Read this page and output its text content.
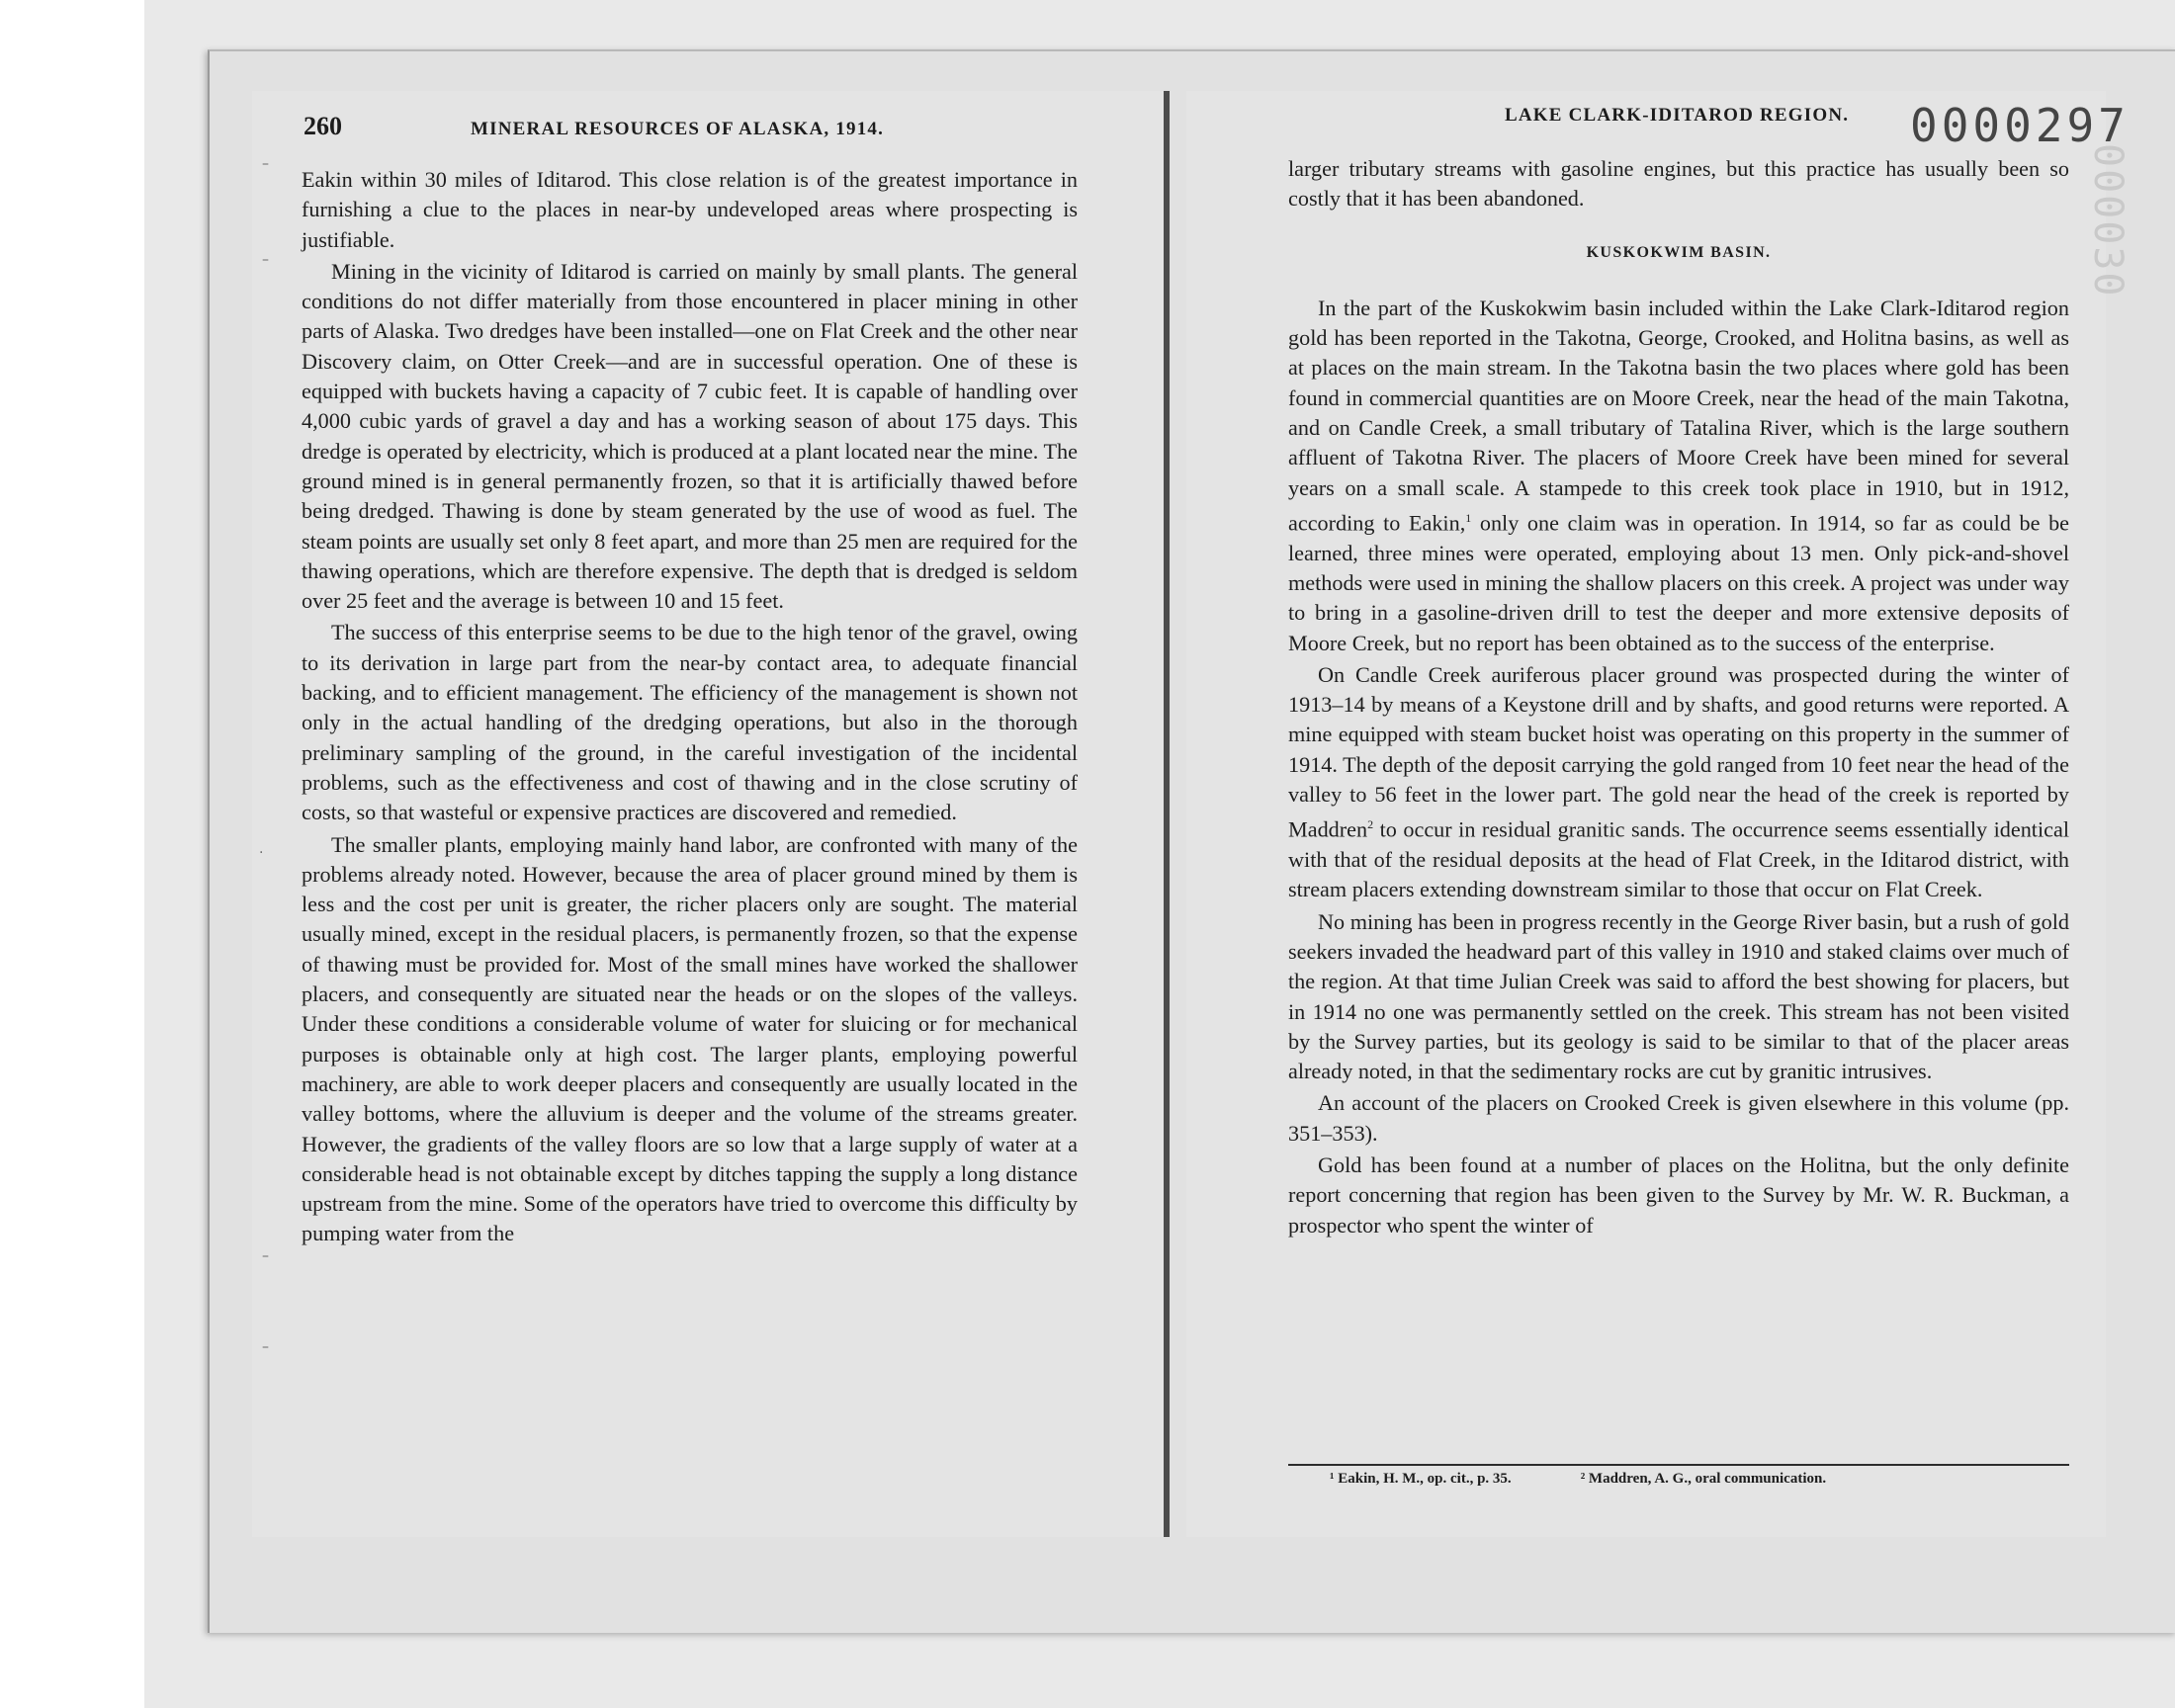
260	MINERAL RESOURCES OF ALASKA, 1914.
LAKE CLARK-IDITAROD REGION. 0000297
000030

Eakin within 30 miles of Iditarod. This close relation is of the greatest importance in furnishing a clue to the places in near-by undeveloped areas where prospecting is justifiable.

Mining in the vicinity of Iditarod is carried on mainly by small plants. The general conditions do not differ materially from those encountered in placer mining in other parts of Alaska. Two dredges have been installed—one on Flat Creek and the other near Discovery claim, on Otter Creek—and are in successful operation. One of these is equipped with buckets having a capacity of 7 cubic feet. It is capable of handling over 4,000 cubic yards of gravel a day and has a working season of about 175 days. This dredge is operated by electricity, which is produced at a plant located near the mine. The ground mined is in general permanently frozen, so that it is artificially thawed before being dredged. Thawing is done by steam generated by the use of wood as fuel. The steam points are usually set only 8 feet apart, and more than 25 men are required for the thawing operations, which are therefore expensive. The depth that is dredged is seldom over 25 feet and the average is between 10 and 15 feet.

The success of this enterprise seems to be due to the high tenor of the gravel, owing to its derivation in large part from the near-by contact area, to adequate financial backing, and to efficient management. The efficiency of the management is shown not only in the actual handling of the dredging operations, but also in the thorough preliminary sampling of the ground, in the careful investigation of the incidental problems, such as the effectiveness and cost of thawing and in the close scrutiny of costs, so that wasteful or expensive practices are discovered and remedied.

The smaller plants, employing mainly hand labor, are confronted with many of the problems already noted. However, because the area of placer ground mined by them is less and the cost per unit is greater, the richer placers only are sought. The material usually mined, except in the residual placers, is permanently frozen, so that the expense of thawing must be provided for. Most of the small mines have worked the shallower placers, and consequently are situated near the heads or on the slopes of the valleys. Under these conditions a considerable volume of water for sluicing or for mechanical purposes is obtainable only at high cost. The larger plants, employing powerful machinery, are able to work deeper placers and consequently are usually located in the valley bottoms, where the alluvium is deeper and the volume of the streams greater. However, the gradients of the valley floors are so low that a large supply of water at a considerable head is not obtainable except by ditches tapping the supply a long distance upstream from the mine. Some of the operators have tried to overcome this difficulty by pumping water from the

larger tributary streams with gasoline engines, but this practice has usually been so costly that it has been abandoned.

KUSKOKWIM BASIN.

In the part of the Kuskokwim basin included within the Lake Clark-Iditarod region gold has been reported in the Takotna, George, Crooked, and Holitna basins, as well as at places on the main stream. In the Takotna basin the two places where gold has been found in commercial quantities are on Moore Creek, near the head of the main Takotna, and on Candle Creek, a small tributary of Tatalina River, which is the large southern affluent of Takotna River. The placers of Moore Creek have been mined for several years on a small scale. A stampede to this creek took place in 1910, but in 1912, according to Eakin,$^1$ only one claim was in operation. In 1914, so far as could be be learned, three mines were operated, employing about 13 men. Only pick-and-shovel methods were used in mining the shallow placers on this creek. A project was under way to bring in a gasoline-driven drill to test the deeper and more extensive deposits of Moore Creek, but no report has been obtained as to the success of the enterprise.

On Candle Creek auriferous placer ground was prospected during the winter of 1913–14 by means of a Keystone drill and by shafts, and good returns were reported. A mine equipped with steam bucket hoist was operating on this property in the summer of 1914. The depth of the deposit carrying the gold ranged from 10 feet near the head of the valley to 56 feet in the lower part. The gold near the head of the creek is reported by Maddren$^2$ to occur in residual granitic sands. The occurrence seems essentially identical with that of the residual deposits at the head of Flat Creek, in the Iditarod district, with stream placers extending downstream similar to those that occur on Flat Creek.

No mining has been in progress recently in the George River basin, but a rush of gold seekers invaded the headward part of this valley in 1910 and staked claims over much of the region. At that time Julian Creek was said to afford the best showing for placers, but in 1914 no one was permanently settled on the creek. This stream has not been visited by the Survey parties, but its geology is said to be similar to that of the placer areas already noted, in that the sedimentary rocks are cut by granitic intrusives.

An account of the placers on Crooked Creek is given elsewhere in this volume (pp. 351–353).

Gold has been found at a number of places on the Holitna, but the only definite report concerning that region has been given to the Survey by Mr. W. R. Buckman, a prospector who spent the winter of

¹ Eakin, H. M., op. cit., p. 35.	² Maddren, A. G., oral communication.
–
–
·
–
–
